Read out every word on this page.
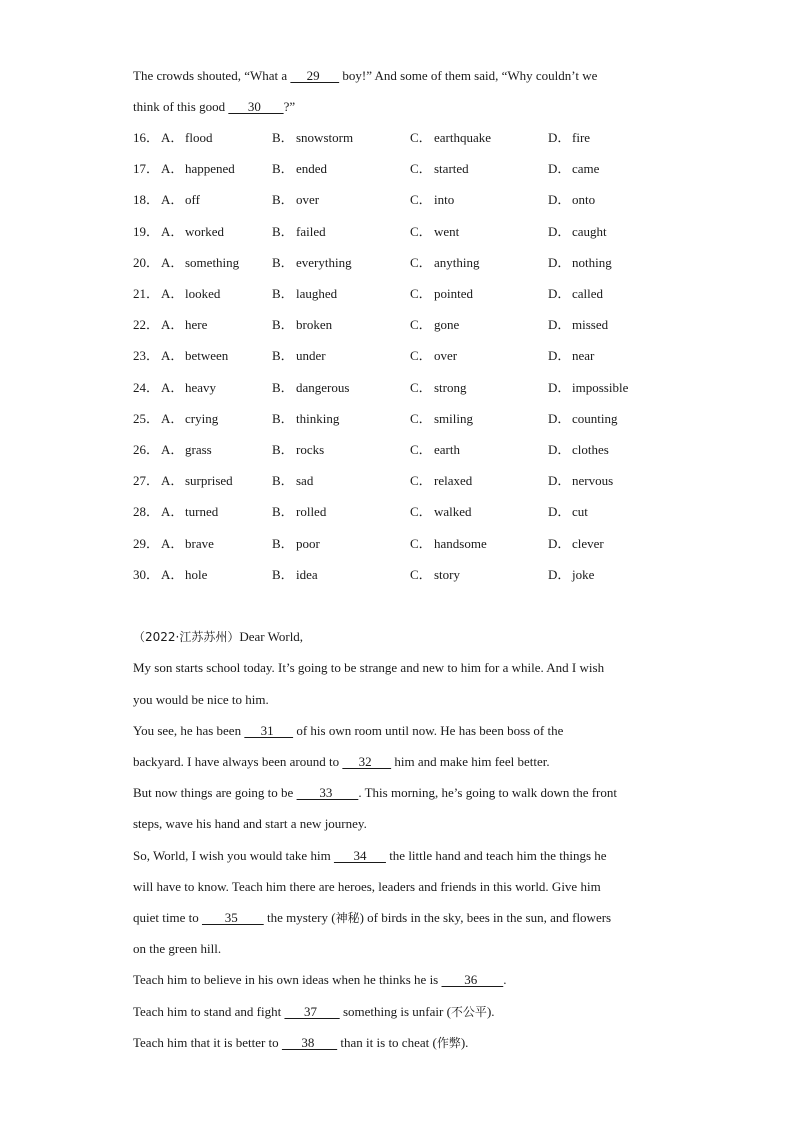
The crowds shouted, “What a      29       boy!” And some of them said, “Why couldn’t we
think of this good       30       ?”
16． A． flood	B． snowstorm	C． earthquake	D． fire
17． A． happened	B． ended	C． started	D． came
18． A． off	B． over	C． into	D． onto
19． A． worked	B． failed	C． went	D． caught
20． A． something	B． everything	C． anything	D． nothing
21． A． looked	B． laughed	C． pointed	D． called
22． A． here	B． broken	C． gone	D． missed
23． A． between	B． under	C． over	D． near
24． A． heavy	B． dangerous	C． strong	D． impossible
25． A． crying	B． thinking	C． smiling	D． counting
26． A． grass	B． rocks	C． earth	D． clothes
27． A． surprised	B． sad	C． relaxed	D． nervous
28． A． turned	B． rolled	C． walked	D． cut
29． A． brave	B． poor	C． handsome	D． clever
30． A． hole	B． idea	C． story	D． joke
（2022·江苏苏州）Dear World,
My son starts school today. It’s going to be strange and new to him for a while. And I wish
you would be nice to him.
You see, he has been      31       of his own room until now. He has been boss of the
backyard. I have always been around to      32       him and make him feel better.
But now things are going to be        33        . This morning, he’s going to walk down the front
steps, wave his hand and start a new journey.
So, World, I wish you would take him       34       the little hand and teach him the things he
will have to know. Teach him there are heroes, leaders and friends in this world. Give him
quiet time to        35         the mystery (神秘) of birds in the sky, bees in the sun, and flowers
on the green hill.
Teach him to believe in his own ideas when he thinks he is        36        .
Teach him to stand and fight       37        something is unfair (不公平).
Teach him that it is better to       38        than it is to cheat (作弊).
